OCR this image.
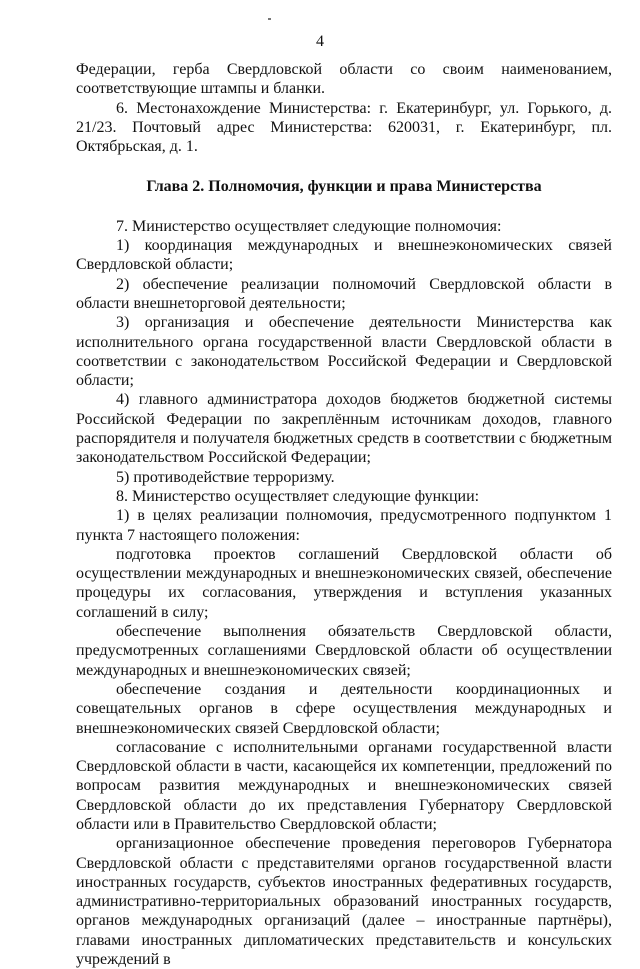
4

Федерации, герба Свердловской области со своим наименованием, соответствующие штампы и бланки.

6. Местонахождение Министерства: г. Екатеринбург, ул. Горького, д. 21/23. Почтовый адрес Министерства: 620031, г. Екатеринбург, пл. Октябрьская, д. 1.

Глава 2. Полномочия, функции и права Министерства

7. Министерство осуществляет следующие полномочия:

1) координация международных и внешнеэкономических связей Свердловской области;

2) обеспечение реализации полномочий Свердловской области в области внешнеторговой деятельности;

3) организация и обеспечение деятельности Министерства как исполнительного органа государственной власти Свердловской области в соответствии с законодательством Российской Федерации и Свердловской области;

4) главного администратора доходов бюджетов бюджетной системы Российской Федерации по закреплённым источникам доходов, главного распорядителя и получателя бюджетных средств в соответствии с бюджетным законодательством Российской Федерации;

5) противодействие терроризму.

8. Министерство осуществляет следующие функции:

1) в целях реализации полномочия, предусмотренного подпунктом 1 пункта 7 настоящего положения:

подготовка проектов соглашений Свердловской области об осуществлении международных и внешнеэкономических связей, обеспечение процедуры их согласования, утверждения и вступления указанных соглашений в силу;

обеспечение выполнения обязательств Свердловской области, предусмотренных соглашениями Свердловской области об осуществлении международных и внешнеэкономических связей;

обеспечение создания и деятельности координационных и совещательных органов в сфере осуществления международных и внешнеэкономических связей Свердловской области;

согласование с исполнительными органами государственной власти Свердловской области в части, касающейся их компетенции, предложений по вопросам развития международных и внешнеэкономических связей Свердловской области до их представления Губернатору Свердловской области или в Правительство Свердловской области;

организационное обеспечение проведения переговоров Губернатора Свердловской области с представителями органов государственной власти иностранных государств, субъектов иностранных федеративных государств, административно-территориальных образований иностранных государств, органов международных организаций (далее – иностранные партнёры), главами иностранных дипломатических представительств и консульских учреждений в
